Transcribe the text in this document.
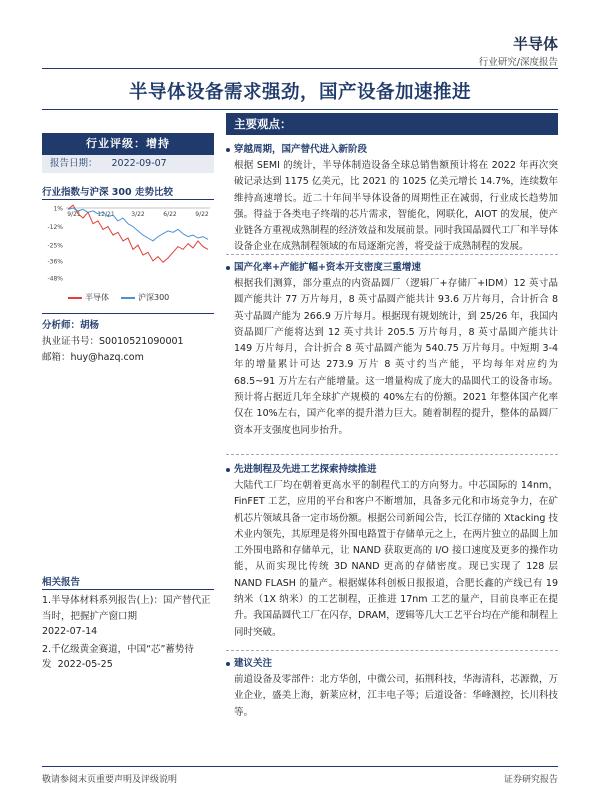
半导体
行业研究/深度报告
半导体设备需求强劲，国产设备加速推进
行业评级：增持
报告日期： 2022-09-07
行业指数与沪深 300 走势比较
1%
-12%
-25%
-36%
-48%
9/21	12/21	3/22	6/22	9/22
半导体	沪深300
分析师：胡杨
执业证书号：S0010521090001
邮箱：huy@hazq.com
相关报告
1.半导体材料系列报告(上)：国产替代正当时，把握扩产窗口期
2022-07-14
2.千亿级黄金赛道，中国“芯”蓄势待发 2022-05-25
主要观点：
穿越周期，国产替代进入新阶段
根据 SEMI 的统计，半导体制造设备全球总销售额预计将在 2022 年再次突破记录达到 1175 亿美元，比 2021 的 1025 亿美元增长 14.7%，连续数年维持高速增长。近二十年间半导体设备的周期性正在减弱，行业成长趋势加强。得益于各类电子终端的芯片需求，智能化，网联化，AIOT 的发展，使产业链各方重视成熟制程的经济效益和发展前景。同时我国晶圆代工厂和半导体设备企业在成熟制程领域的布局逐渐完善，将受益于成熟制程的发展。
国产化率+产能扩幅+资本开支密度三重增速
根据我们测算，部分重点的内资晶圆厂（逻辑厂+存储厂+IDM）12 英寸晶圆产能共计 77 万片每月，8 英寸晶圆产能共计 93.6 万片每月，合计折合 8 英寸晶圆产能为 266.9 万片每月。根据现有规划统计，到 25/26 年，我国内资晶圆厂产能将达到 12 英寸共计 205.5 万片每月，8 英寸晶圆产能共计 149 万片每月，合计折合 8 英寸晶圆产能为 540.75 万片每月。中短期 3-4 年的增量累计可达 273.9 万片 8 英寸约当产能，平均每年对应约为 68.5~91 万片左右产能增量。这一增量构成了庞大的晶圆代工的设备市场。预计将占据近几年全球扩产规模的 40%左右的份额。2021 年整体国产化率仅在 10%左右，国产化率的提升潜力巨大。随着制程的提升，整体的晶圆厂资本开支强度也同步抬升。
先进制程及先进工艺探索持续推进
大陆代工厂均在朝着更高水平的制程代工的方向努力。中芯国际的 14nm，FinFET 工艺，应用的平台和客户不断增加，具备多元化和市场竞争力，在矿机芯片领域具备一定市场份额。根据公司新闻公告，长江存储的 Xtacking 技术业内领先，其原理是将外围电路置于存储单元之上，在两片独立的晶圆上加工外围电路和存储单元，让 NAND 获取更高的 I/O 接口速度及更多的操作功能，从而实现比传统 3D NAND 更高的存储密度。现已实现了 128 层 NAND FLASH 的量产。根据媒体科创板日报报道，合肥长鑫的产线已有 19 纳米（1X 纳米）的工艺制程，正推进 17nm 工艺的量产，目前良率正在提升。我国晶圆代工厂在闪存，DRAM，逻辑等几大工艺平台均在产能和制程上同时突破。
建议关注
前道设备及零部件：北方华创，中微公司，拓荆科技，华海清科，芯源微，万业企业，盛美上海，新莱应材，江丰电子等；后道设备：华峰测控，长川科技等。
敬请参阅末页重要声明及评级说明	证券研究报告
